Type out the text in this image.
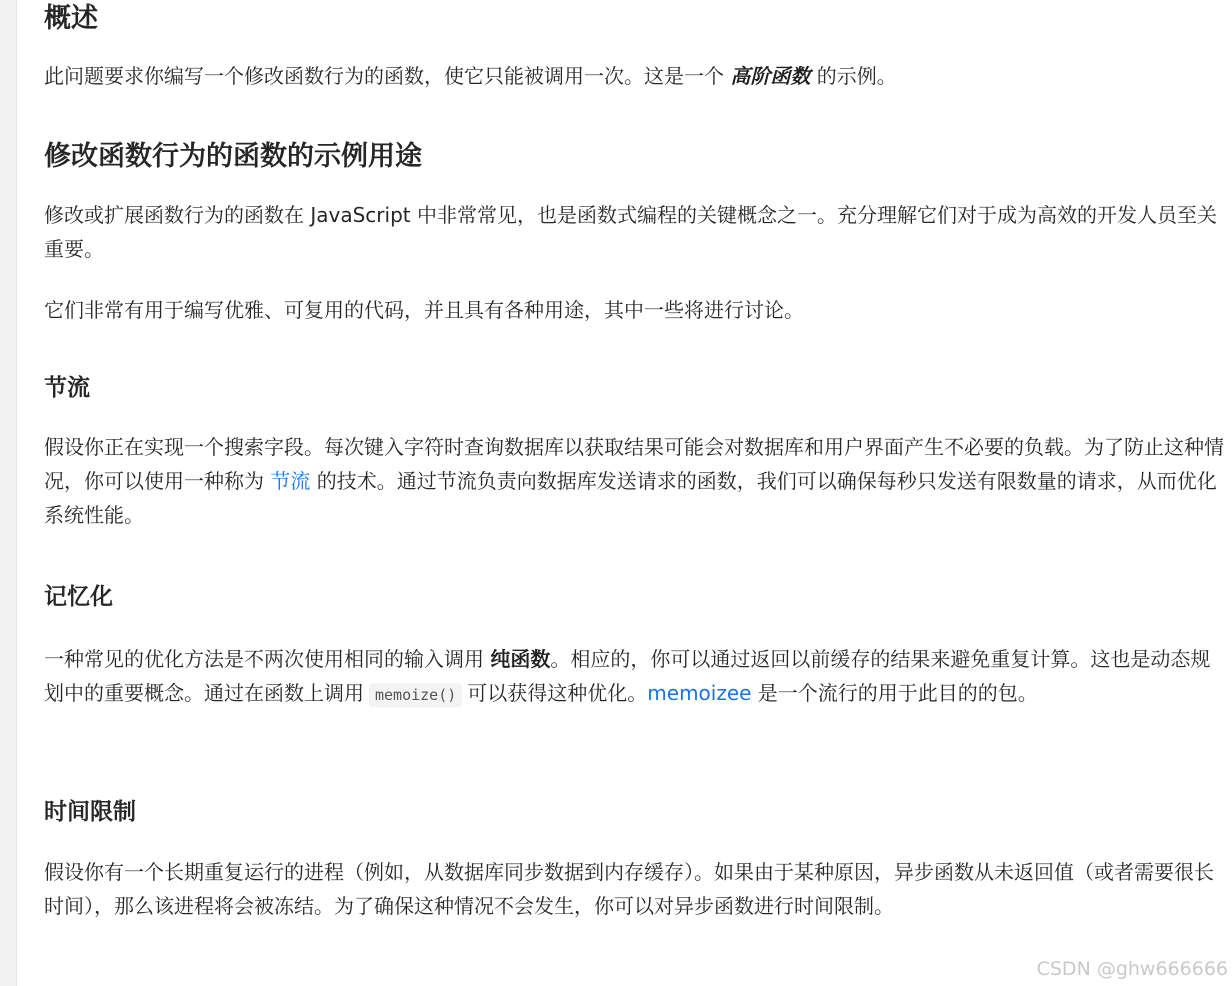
概述

此问题要求你编写一个修改函数行为的函数，使它只能被调用一次。这是一个 高阶函数 的示例。

修改函数行为的函数的示例用途

修改或扩展函数行为的函数在 JavaScript 中非常常见，也是函数式编程的关键概念之一。充分理解它们对于成为高效的开发人员至关重要。

它们非常有用于编写优雅、可复用的代码，并且具有各种用途，其中一些将进行讨论。

节流

假设你正在实现一个搜索字段。每次键入字符时查询数据库以获取结果可能会对数据库和用户界面产生不必要的负载。为了防止这种情况，你可以使用一种称为 节流 的技术。通过节流负责向数据库发送请求的函数，我们可以确保每秒只发送有限数量的请求，从而优化系统性能。

记忆化

一种常见的优化方法是不两次使用相同的输入调用 纯函数。相应的，你可以通过返回以前缓存的结果来避免重复计算。这也是动态规划中的重要概念。通过在函数上调用 memoize() 可以获得这种优化。memoizee 是一个流行的用于此目的的包。

时间限制

假设你有一个长期重复运行的进程（例如，从数据库同步数据到内存缓存）。如果由于某种原因，异步函数从未返回值（或者需要很长时间），那么该进程将会被冻结。为了确保这种情况不会发生，你可以对异步函数进行时间限制。

CSDN @ghw666666
